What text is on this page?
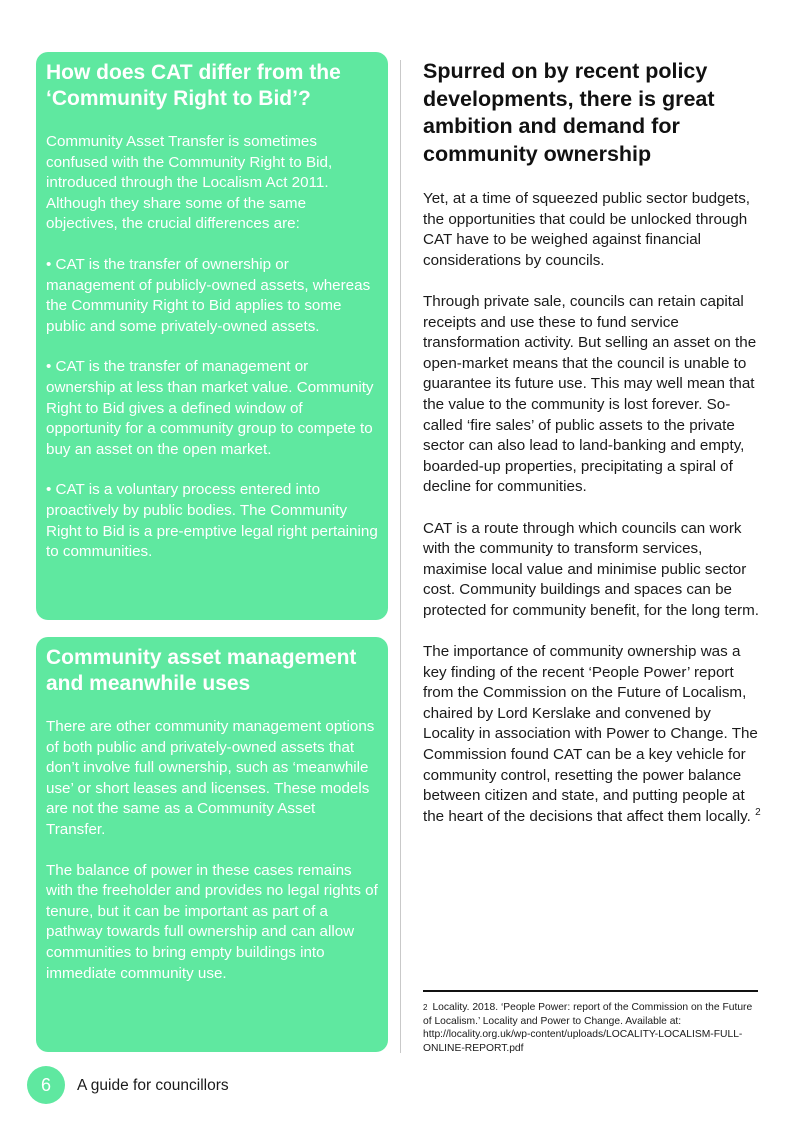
How does CAT differ from the ‘Community Right to Bid’?

Community Asset Transfer is sometimes confused with the Community Right to Bid, introduced through the Localism Act 2011. Although they share some of the same objectives, the crucial differences are:

• CAT is the transfer of ownership or management of publicly-owned assets, whereas the Community Right to Bid applies to some public and some privately-owned assets.

• CAT is the transfer of management or ownership at less than market value. Community Right to Bid gives a defined window of opportunity for a community group to compete to buy an asset on the open market.

• CAT is a voluntary process entered into proactively by public bodies. The Community Right to Bid is a pre-emptive legal right pertaining to communities.

Community asset management and meanwhile uses

There are other community management options of both public and privately-owned assets that don’t involve full ownership, such as ‘meanwhile use’ or short leases and licenses. These models are not the same as a Community Asset Transfer.

The balance of power in these cases remains with the freeholder and provides no legal rights of tenure, but it can be important as part of a pathway towards full ownership and can allow communities to bring empty buildings into immediate community use.

Spurred on by recent policy developments, there is great ambition and demand for community ownership

Yet, at a time of squeezed public sector budgets, the opportunities that could be unlocked through CAT have to be weighed against financial considerations by councils.

Through private sale, councils can retain capital receipts and use these to fund service transformation activity. But selling an asset on the open-market means that the council is unable to guarantee its future use. This may well mean that the value to the community is lost forever. So-called ‘fire sales’ of public assets to the private sector can also lead to land-banking and empty, boarded-up properties, precipitating a spiral of decline for communities.

CAT is a route through which councils can work with the community to transform services, maximise local value and minimise public sector cost. Community buildings and spaces can be protected for community benefit, for the long term.

The importance of community ownership was a key finding of the recent ‘People Power’ report from the Commission on the Future of Localism, chaired by Lord Kerslake and convened by Locality in association with Power to Change. The Commission found CAT can be a key vehicle for community control, resetting the power balance between citizen and state, and putting people at the heart of the decisions that affect them locally. $^2$

$^2$ Locality. 2018. ‘People Power: report of the Commission on the Future of Localism.’ Locality and Power to Change. Available at: http://locality.org.uk/wp-content/uploads/LOCALITY-LOCALISM-FULL-ONLINE-REPORT.pdf
6 A guide for councillors
